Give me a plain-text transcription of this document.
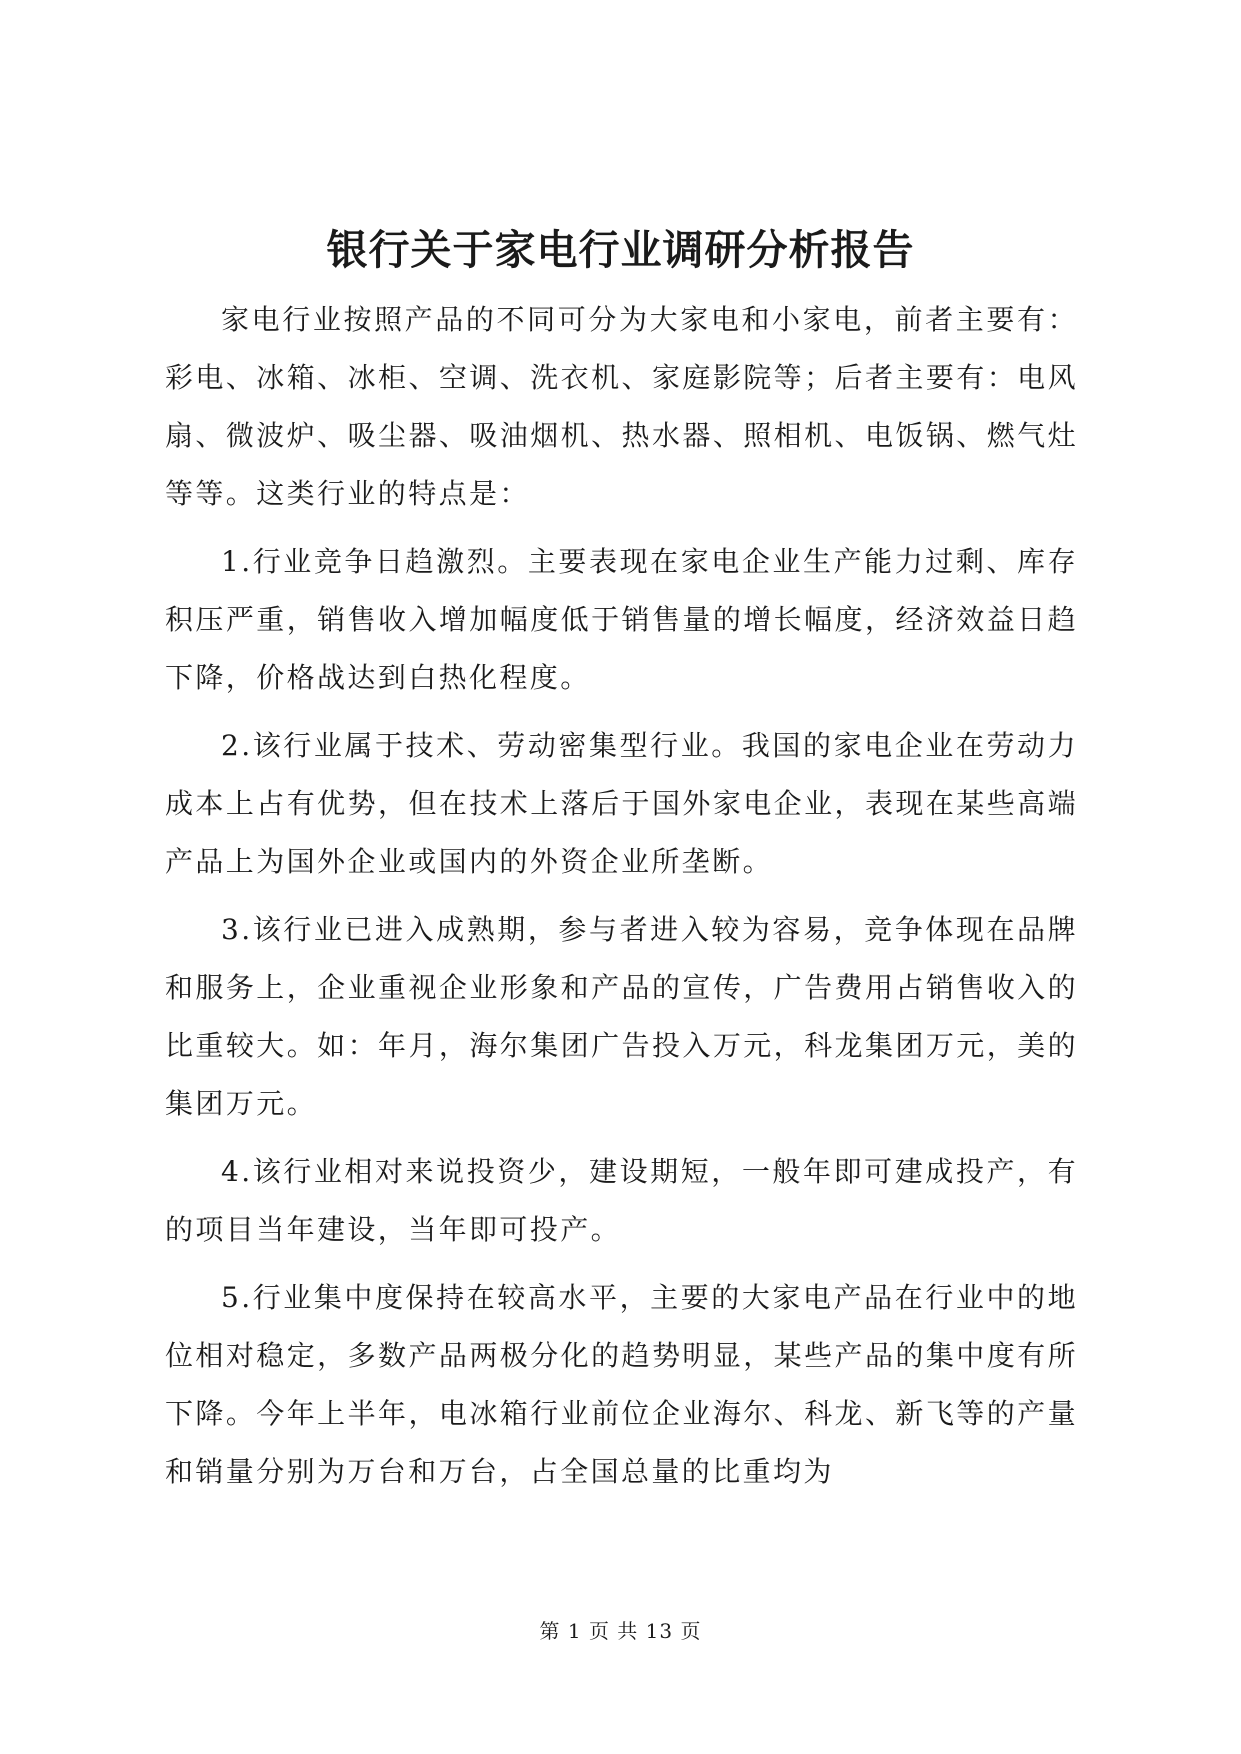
银行关于家电行业调研分析报告

家电行业按照产品的不同可分为大家电和小家电，前者主要有：彩电、冰箱、冰柜、空调、洗衣机、家庭影院等；后者主要有：电风扇、微波炉、吸尘器、吸油烟机、热水器、照相机、电饭锅、燃气灶等等。这类行业的特点是：

1.行业竞争日趋激烈。主要表现在家电企业生产能力过剩、库存积压严重，销售收入增加幅度低于销售量的增长幅度，经济效益日趋下降，价格战达到白热化程度。

2.该行业属于技术、劳动密集型行业。我国的家电企业在劳动力成本上占有优势，但在技术上落后于国外家电企业，表现在某些高端产品上为国外企业或国内的外资企业所垄断。

3.该行业已进入成熟期，参与者进入较为容易，竞争体现在品牌和服务上，企业重视企业形象和产品的宣传，广告费用占销售收入的比重较大。如：年月，海尔集团广告投入万元，科龙集团万元，美的集团万元。

4.该行业相对来说投资少，建设期短，一般年即可建成投产，有的项目当年建设，当年即可投产。

5.行业集中度保持在较高水平，主要的大家电产品在行业中的地位相对稳定，多数产品两极分化的趋势明显，某些产品的集中度有所下降。今年上半年，电冰箱行业前位企业海尔、科龙、新飞等的产量和销量分别为万台和万台，占全国总量的比重均为

第 1 页 共 13 页
